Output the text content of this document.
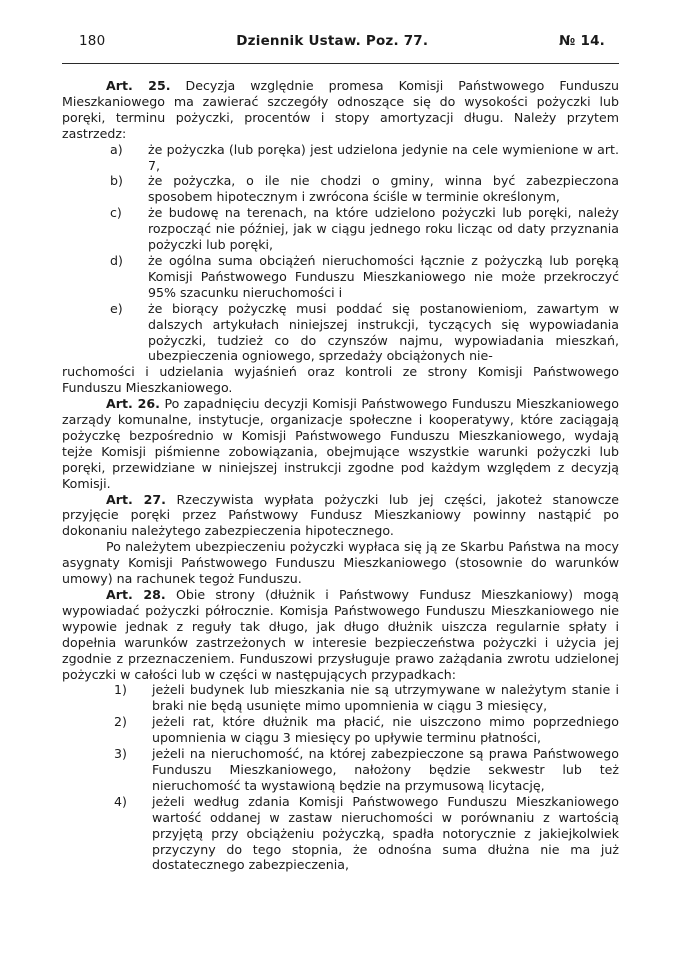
180	Dziennik Ustaw. Poz. 77.	№ 14.

Art. 25. Decyzja względnie promesa Komisji Państwowego Funduszu Mieszkaniowego ma zawierać szczegóły odnoszące się do wysokości pożyczki lub poręki, terminu pożyczki, procentów i stopy amortyzacji długu. Należy przytem zastrzedz:

a)	że pożyczka (lub poręka) jest udzielona jedynie na cele wymienione w art. 7,
b)	że pożyczka, o ile nie chodzi o gminy, winna być zabezpieczona sposobem hipotecznym i zwrócona ściśle w terminie określonym,
c)	że budowę na terenach, na które udzielono pożyczki lub poręki, należy rozpocząć nie później, jak w ciągu jednego roku licząc od daty przyznania pożyczki lub poręki,
d)	że ogólna suma obciążeń nieruchomości łącznie z pożyczką lub poręką Komisji Państwowego Funduszu Mieszkaniowego nie może przekroczyć 95% szacunku nieruchomości i
e)	że biorący pożyczkę musi poddać się postanowieniom, zawartym w dalszych artykułach niniejszej instrukcji, tyczących się wypowiadania pożyczki, tudzież co do czynszów najmu, wypowiadania mieszkań, ubezpieczenia ogniowego, sprzedaży obciążonych nie-

ruchomości i udzielania wyjaśnień oraz kontroli ze strony Komisji Państwowego Funduszu Mieszkaniowego.

Art. 26. Po zapadnięciu decyzji Komisji Państwowego Funduszu Mieszkaniowego zarządy komunalne, instytucje, organizacje społeczne i kooperatywy, które zaciągają pożyczkę bezpośrednio w Komisji Państwowego Funduszu Mieszkaniowego, wydają tejże Komisji piśmienne zobowiązania, obejmujące wszystkie warunki pożyczki lub poręki, przewidziane w niniejszej instrukcji zgodne pod każdym względem z decyzją Komisji.

Art. 27. Rzeczywista wypłata pożyczki lub jej części, jakoteż stanowcze przyjęcie poręki przez Państwowy Fundusz Mieszkaniowy powinny nastąpić po dokonaniu należytego zabezpieczenia hipotecznego.

Po należytem ubezpieczeniu pożyczki wypłaca się ją ze Skarbu Państwa na mocy asygnaty Komisji Państwowego Funduszu Mieszkaniowego (stosownie do warunków umowy) na rachunek tegoż Funduszu.

Art. 28. Obie strony (dłużnik i Państwowy Fundusz Mieszkaniowy) mogą wypowiadać pożyczki półrocznie. Komisja Państwowego Funduszu Mieszkaniowego nie wypowie jednak z reguły tak długo, jak długo dłużnik uiszcza regularnie spłaty i dopełnia warunków zastrzeżonych w interesie bezpieczeństwa pożyczki i użycia jej zgodnie z przeznaczeniem. Funduszowi przysługuje prawo zażądania zwrotu udzielonej pożyczki w całości lub w części w następujących przypadkach:

1)	jeżeli budynek lub mieszkania nie są utrzymywane w należytym stanie i braki nie będą usunięte mimo upomnienia w ciągu 3 miesięcy,
2)	jeżeli rat, które dłużnik ma płacić, nie uiszczono mimo poprzedniego upomnienia w ciągu 3 miesięcy po upływie terminu płatności,
3)	jeżeli na nieruchomość, na której zabezpieczone są prawa Państwowego Funduszu Mieszkaniowego, nałożony będzie sekwestr lub też nieruchomość ta wystawioną będzie na przymusową licytację,
4)	jeżeli według zdania Komisji Państwowego Funduszu Mieszkaniowego wartość oddanej w zastaw nieruchomości w porównaniu z wartością przyjętą przy obciążeniu pożyczką, spadła notorycznie z jakiejkolwiek przyczyny do tego stopnia, że odnośna suma dłużna nie ma już dostatecznego zabezpieczenia,
